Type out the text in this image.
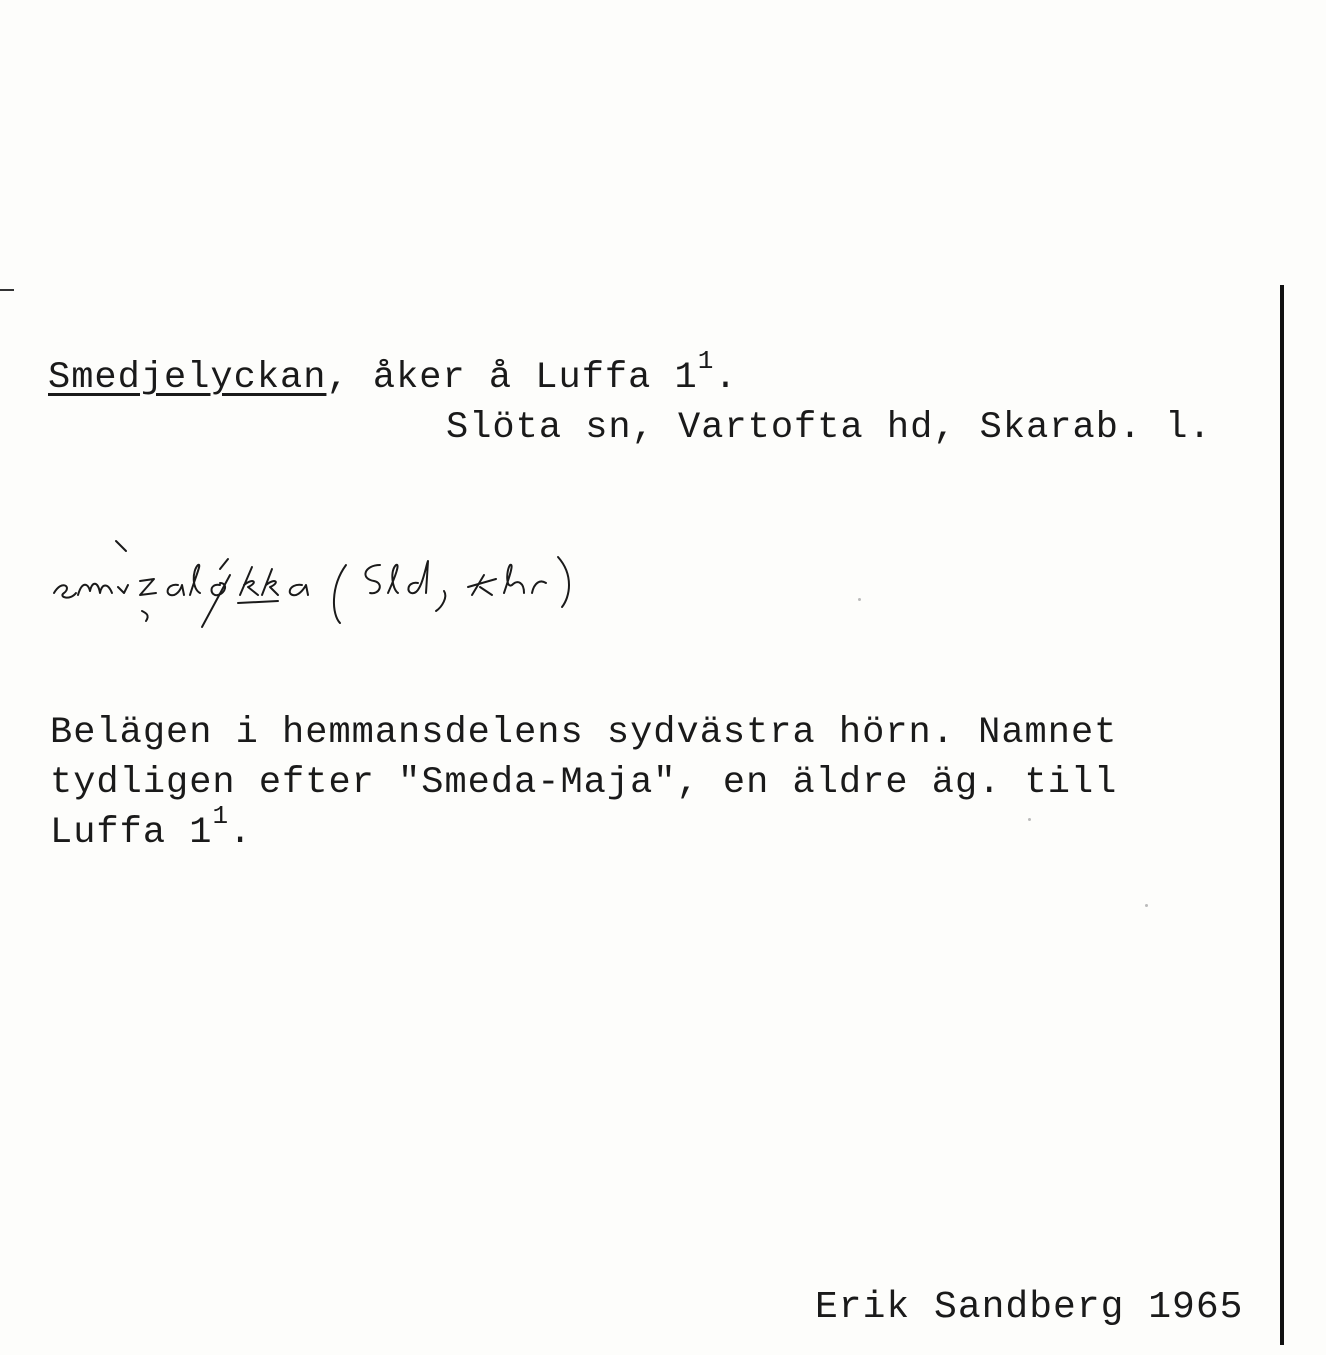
Smedjelyckan, åker å Luffa $1^1$.
Slöta sn, Vartofta hd, Skarab. l.
Belägen i hemmansdelens sydvästra hörn. Namnet
tydligen efter "Smeda-Maja", en äldre äg. till
Luffa $1^1$.
Erik Sandberg 1965
